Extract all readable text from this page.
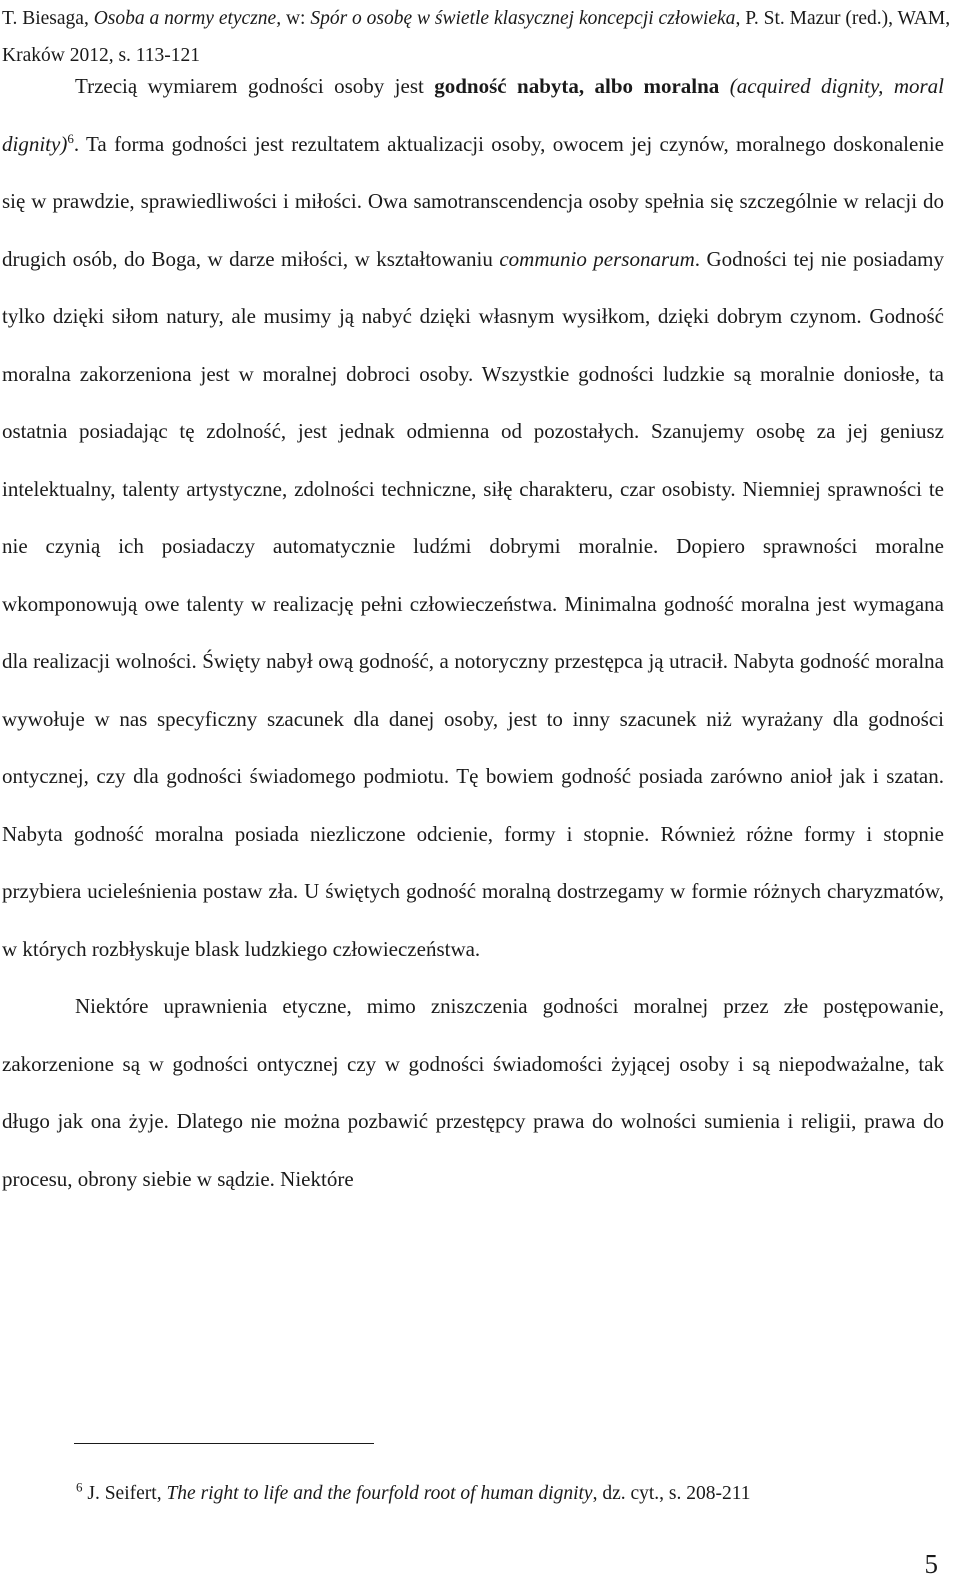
T. Biesaga, Osoba a normy etyczne, w: Spór o osobę w świetle klasycznej koncepcji człowieka, P. St. Mazur (red.), WAM, Kraków 2012, s. 113-121
Trzecią wymiarem godności osoby jest godność nabyta, albo moralna (acquired dignity, moral dignity)$^6$. Ta forma godności jest rezultatem aktualizacji osoby, owocem jej czynów, moralnego doskonalenie się w prawdzie, sprawiedliwości i miłości. Owa samotranscendencja osoby spełnia się szczególnie w relacji do drugich osób, do Boga, w darze miłości, w kształtowaniu communio personarum. Godności tej nie posiadamy tylko dzięki siłom natury, ale musimy ją nabyć dzięki własnym wysiłkom, dzięki dobrym czynom. Godność moralna zakorzeniona jest w moralnej dobroci osoby. Wszystkie godności ludzkie są moralnie doniosłe, ta ostatnia posiadając tę zdolność, jest jednak odmienna od pozostałych. Szanujemy osobę za jej geniusz intelektualny, talenty artystyczne, zdolności techniczne, siłę charakteru, czar osobisty. Niemniej sprawności te nie czynią ich posiadaczy automatycznie ludźmi dobrymi moralnie. Dopiero sprawności moralne wkomponowują owe talenty w realizację pełni człowieczeństwa. Minimalna godność moralna jest wymagana dla realizacji wolności. Święty nabył ową godność, a notoryczny przestępca ją utracił. Nabyta godność moralna wywołuje w nas specyficzny szacunek dla danej osoby, jest to inny szacunek niż wyrażany dla godności ontycznej, czy dla godności świadomego podmiotu. Tę bowiem godność posiada zarówno anioł jak i szatan. Nabyta godność moralna posiada niezliczone odcienie, formy i stopnie. Również różne formy i stopnie przybiera ucieleśnienia postaw zła. U świętych godność moralną dostrzegamy w formie różnych charyzmatów, w których rozbłyskuje blask ludzkiego człowieczeństwa.
Niektóre uprawnienia etyczne, mimo zniszczenia godności moralnej przez złe postępowanie, zakorzenione są w godności ontycznej czy w godności świadomości żyjącej osoby i są niepodważalne, tak długo jak ona żyje. Dlatego nie można pozbawić przestępcy prawa do wolności sumienia i religii, prawa do procesu, obrony siebie w sądzie. Niektóre
$^6$ J. Seifert, The right to life and the fourfold root of human dignity, dz. cyt., s. 208-211
5
